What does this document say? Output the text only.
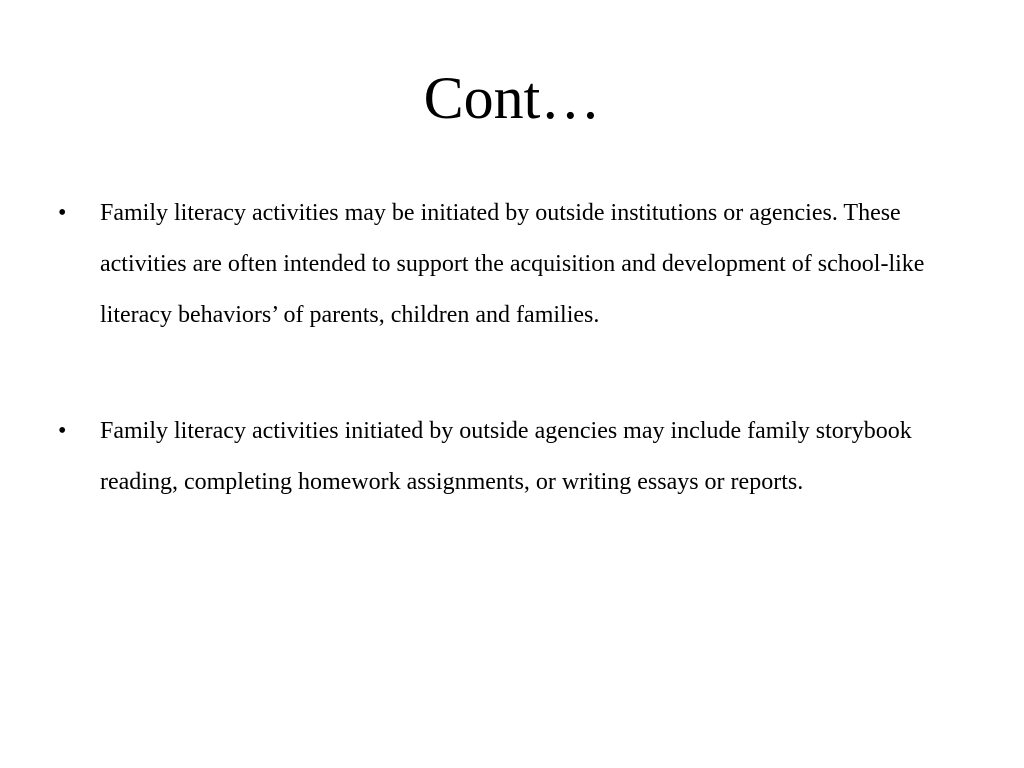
Cont…
•	Family literacy activities may be initiated by outside institutions or agencies. These activities are often intended to support the acquisition and development of school-like literacy behaviors’ of parents, children and families.
•	Family literacy activities initiated by outside agencies may include family storybook reading, completing homework assignments, or writing essays or reports.
